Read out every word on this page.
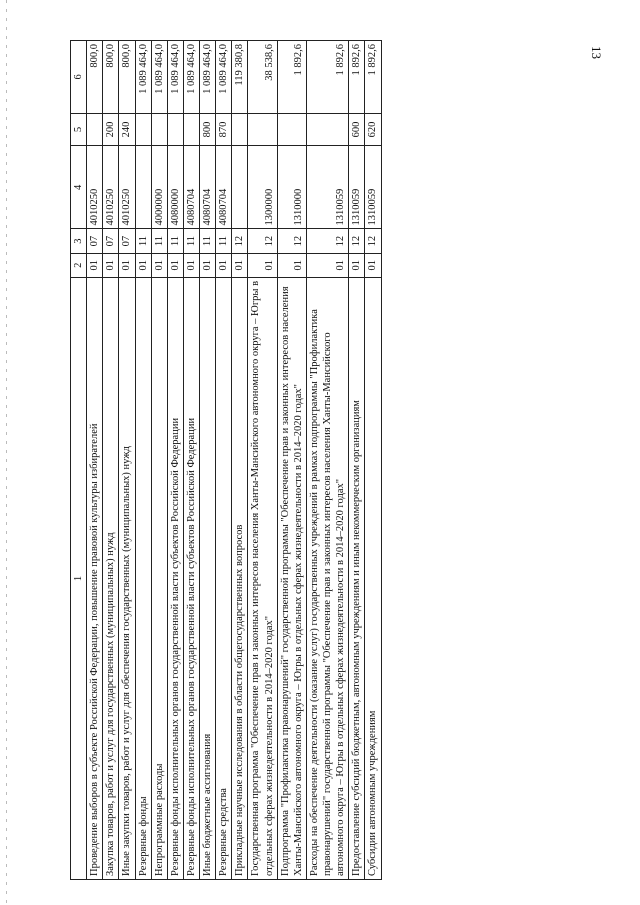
13
1	2	3	4	5	6
Проведение выборов в субъекте Российской Федерации, повышение правовой культуры избирателей	01	07	4010250		800,0
Закупка товаров, работ и услуг для государственных (муниципальных) нужд	01	07	4010250	200	800,0
Иные закупки товаров, работ и услуг для обеспечения государственных (муниципальных) нужд	01	07	4010250	240	800,0
Резервные фонды	01	11			1 089 464,0
Непрограммные расходы	01	11	4000000		1 089 464,0
Резервные фонды исполнительных органов государственной власти субъектов Российской Федерации	01	11	4080000		1 089 464,0
Резервные фонды исполнительных органов государственной власти субъектов Российской Федерации	01	11	4080704		1 089 464,0
Иные бюджетные ассигнования	01	11	4080704	800	1 089 464,0
Резервные средства	01	11	4080704	870	1 089 464,0
Прикладные научные исследования в области общегосударственных вопросов	01	12			119 380,8
Государственная программа "Обеспечение прав и законных интересов населения Ханты-Мансийского автономного округа – Югры в отдельных сферах жизнедеятельности в 2014–2020 годах"	01	12	1300000		38 538,6
Подпрограмма "Профилактика правонарушений" государственной программы "Обеспечение прав и законных интересов населения Ханты-Мансийского автономного округа – Югры в отдельных сферах жизнедеятельности в 2014–2020 годах"	01	12	1310000		1 892,6
Расходы на обеспечение деятельности (оказание услуг) государственных учреждений в рамках подпрограммы "Профилактика правонарушений" государственной программы "Обеспечение прав и законных интересов населения Ханты-Мансийского автономного округа – Югры в отдельных сферах жизнедеятельности в 2014–2020 годах"	01	12	1310059		1 892,6
Предоставление субсидий бюджетным, автономным учреждениям и иным некоммерческим организациям	01	12	1310059	600	1 892,6
Субсидии автономным учреждениям	01	12	1310059	620	1 892,6
